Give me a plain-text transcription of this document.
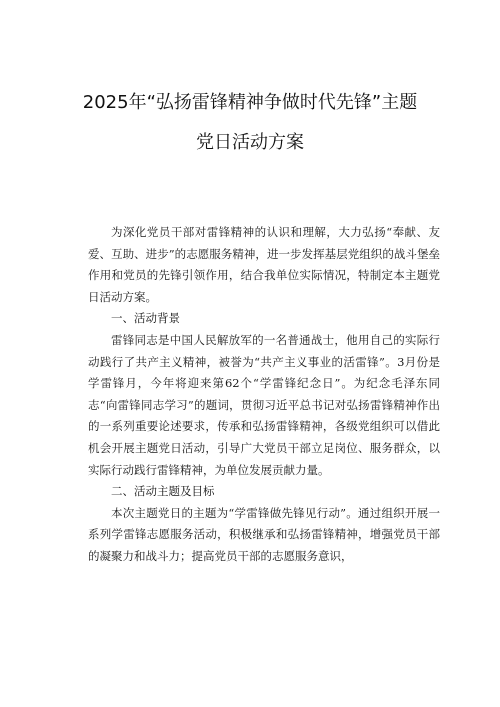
2025年“弘扬雷锋精神争做时代先锋”主题
党日活动方案

为深化党员干部对雷锋精神的认识和理解，大力弘扬“奉献、友爱、互助、进步”的志愿服务精神，进一步发挥基层党组织的战斗堡垒作用和党员的先锋引领作用，结合我单位实际情况，特制定本主题党日活动方案。

一、活动背景

雷锋同志是中国人民解放军的一名普通战士，他用自己的实际行动践行了共产主义精神，被誉为“共产主义事业的活雷锋”。3月份是学雷锋月，今年将迎来第62个“学雷锋纪念日”。为纪念毛泽东同志“向雷锋同志学习”的题词，贯彻习近平总书记对弘扬雷锋精神作出的一系列重要论述要求，传承和弘扬雷锋精神，各级党组织可以借此机会开展主题党日活动，引导广大党员干部立足岗位、服务群众，以实际行动践行雷锋精神，为单位发展贡献力量。

二、活动主题及目标

本次主题党日的主题为“学雷锋做先锋见行动”。通过组织开展一系列学雷锋志愿服务活动，积极继承和弘扬雷锋精神，增强党员干部的凝聚力和战斗力；提高党员干部的志愿服务意识，
